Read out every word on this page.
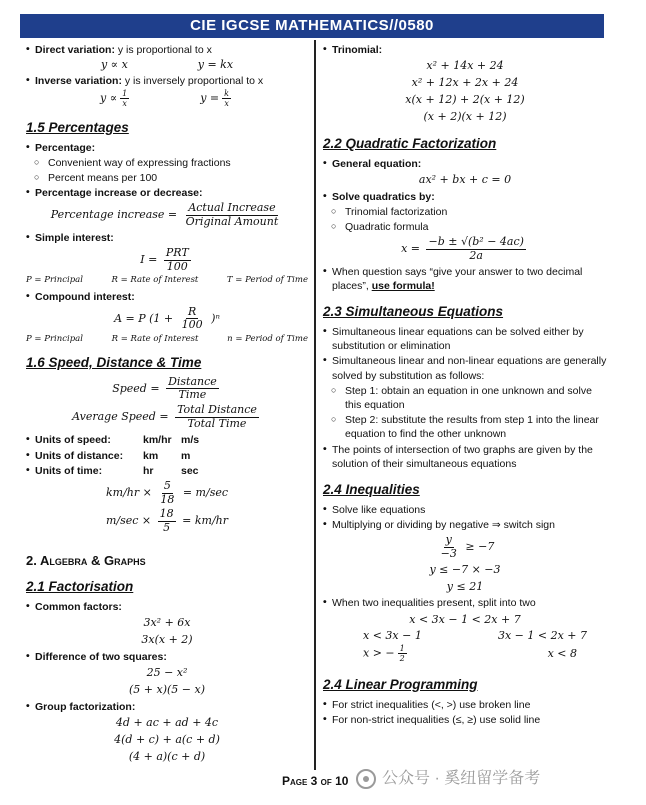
CIE IGCSE MATHEMATICS//0580
• Direct variation: y is proportional to x
y ∝ x	y = kx
• Inverse variation: y is inversely proportional to x
$y \propto \frac{1}{x}$	$y = \frac{k}{x}$
1.5 Percentages
• Percentage:
○ Convenient way of expressing fractions
○ Percent means per 100
• Percentage increase or decrease:
Percentage increase = $\frac{\text{Actual Increase}}{\text{Original Amount}}$
• Simple interest:
$I = \frac{\text{PRT}}{100}$
P = Principal	R = Rate of Interest	T = Period of Time
• Compound interest:
A = P $(1 + \frac{R}{100} )^n$
P = Principal	R = Rate of Interest	n = Period of Time
1.6 Speed, Distance & Time
Speed = $\frac{\text{Distance}}{\text{Time}}$
Average Speed = $\frac{\text{Total Distance}}{\text{Total Time}}$
• Units of speed:	km/hr m/s
• Units of distance:	km	m
• Units of time:	hr	sec
$km/hr \times \frac{5}{18} = m/\sec$
$m/\sec \times \frac{18}{5} = km/hr$
2. Algebra & Graphs
2.1 Factorisation
• Common factors:
3x² + 6x
3x(x + 2)
• Difference of two squares:
25 − x²
(5 + x)(5 − x)
• Group factorization:
4d + ac + ad + 4c
4(d + c) + a(c + d)
(4 + a)(c + d)
• Trinomial:
x² + 14x + 24
x² + 12x + 2x + 24
x(x + 12) + 2(x + 12)
(x + 2)(x + 12)
2.2 Quadratic Factorization
• General equation:
ax² + bx + c = 0
• Solve quadratics by:
○ Trinomial factorization
○ Quadratic formula
$x = \frac{\text{−b ± √(b² − 4ac)}}{2a}$
• When question says “give your answer to two decimal places”, use formula!
2.3 Simultaneous Equations
• Simultaneous linear equations can be solved either by substitution or elimination
• Simultaneous linear and non-linear equations are generally solved by substitution as follows:
○ Step 1: obtain an equation in one unknown and solve this equation
○ Step 2: substitute the results from step 1 into the linear equation to find the other unknown
• The points of intersection of two graphs are given by the solution of their simultaneous equations
2.4 Inequalities
• Solve like equations
• Multiplying or dividing by negative ⇒ switch sign
$\frac{y}{-3} \ge -7$
y ≤ −7 × −3
y ≤ 21
• When two inequalities present, split into two
x < 3x − 1 < 2x + 7
x < 3x − 1	3x − 1 < 2x + 7
x > − $\frac{1}{2}$	x < 8
2.4 Linear Programming
• For strict inequalities (<, >) use broken line
• For non-strict inequalities (≤, ≥) use solid line
Page 3 of 10 公众号 · 奚纽留学备考
